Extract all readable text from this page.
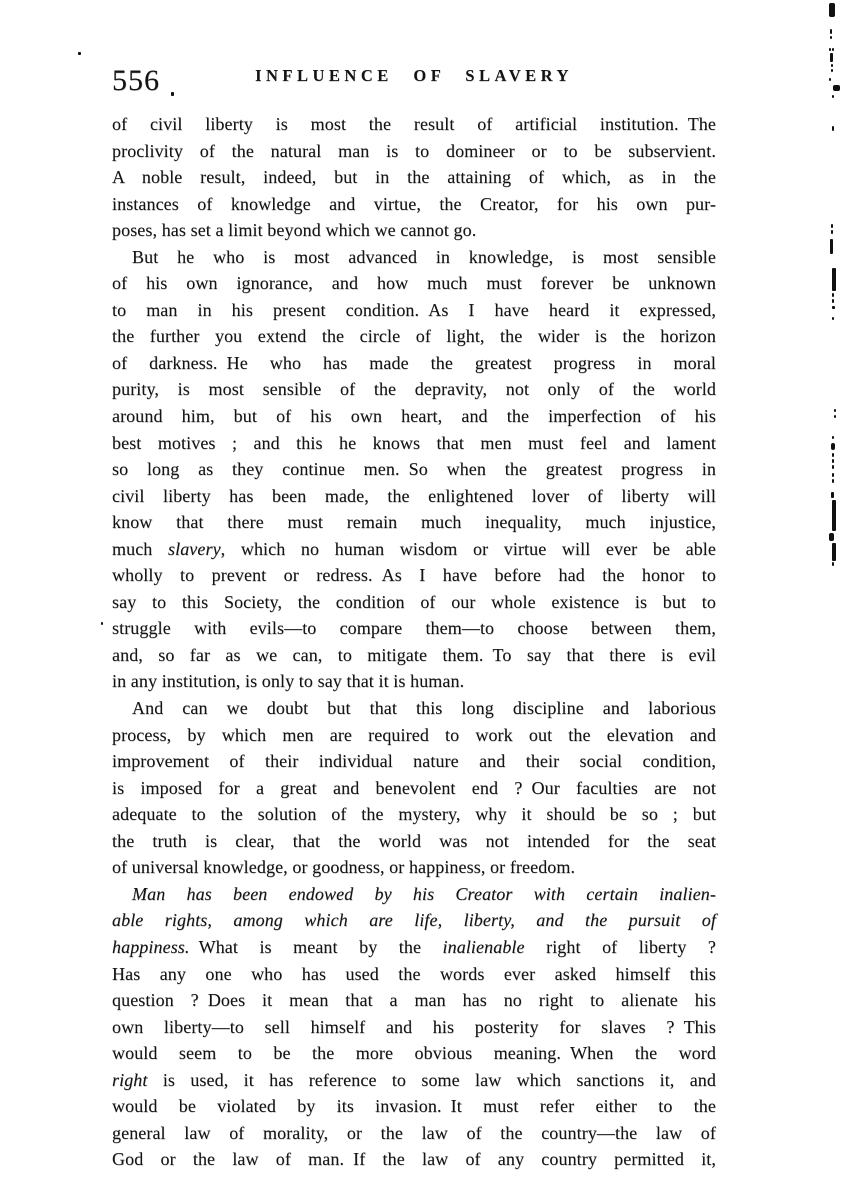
556	INFLUENCE OF SLAVERY
of civil liberty is most the result of artificial institution. The
proclivity of the natural man is to domineer or to be subservient.
A noble result, indeed, but in the attaining of which, as in the
instances of knowledge and virtue, the Creator, for his own pur-
poses, has set a limit beyond which we cannot go.
But he who is most advanced in knowledge, is most sensible
of his own ignorance, and how much must forever be unknown
to man in his present condition. As I have heard it expressed,
the further you extend the circle of light, the wider is the horizon
of darkness. He who has made the greatest progress in moral
purity, is most sensible of the depravity, not only of the world
around him, but of his own heart, and the imperfection of his
best motives ; and this he knows that men must feel and lament
so long as they continue men. So when the greatest progress in
civil liberty has been made, the enlightened lover of liberty will
know that there must remain much inequality, much injustice,
much slavery, which no human wisdom or virtue will ever be able
wholly to prevent or redress. As I have before had the honor to
say to this Society, the condition of our whole existence is but to
struggle with evils—to compare them—to choose between them,
and, so far as we can, to mitigate them. To say that there is evil
in any institution, is only to say that it is human.
And can we doubt but that this long discipline and laborious
process, by which men are required to work out the elevation and
improvement of their individual nature and their social condition,
is imposed for a great and benevolent end ? Our faculties are not
adequate to the solution of the mystery, why it should be so ; but
the truth is clear, that the world was not intended for the seat
of universal knowledge, or goodness, or happiness, or freedom.
Man has been endowed by his Creator with certain inalien-
able rights, among which are life, liberty, and the pursuit of
happiness. What is meant by the inalienable right of liberty ?
Has any one who has used the words ever asked himself this
question ? Does it mean that a man has no right to alienate his
own liberty—to sell himself and his posterity for slaves ? This
would seem to be the more obvious meaning. When the word
right is used, it has reference to some law which sanctions it, and
would be violated by its invasion. It must refer either to the
general law of morality, or the law of the country—the law of
God or the law of man. If the law of any country permitted it,
